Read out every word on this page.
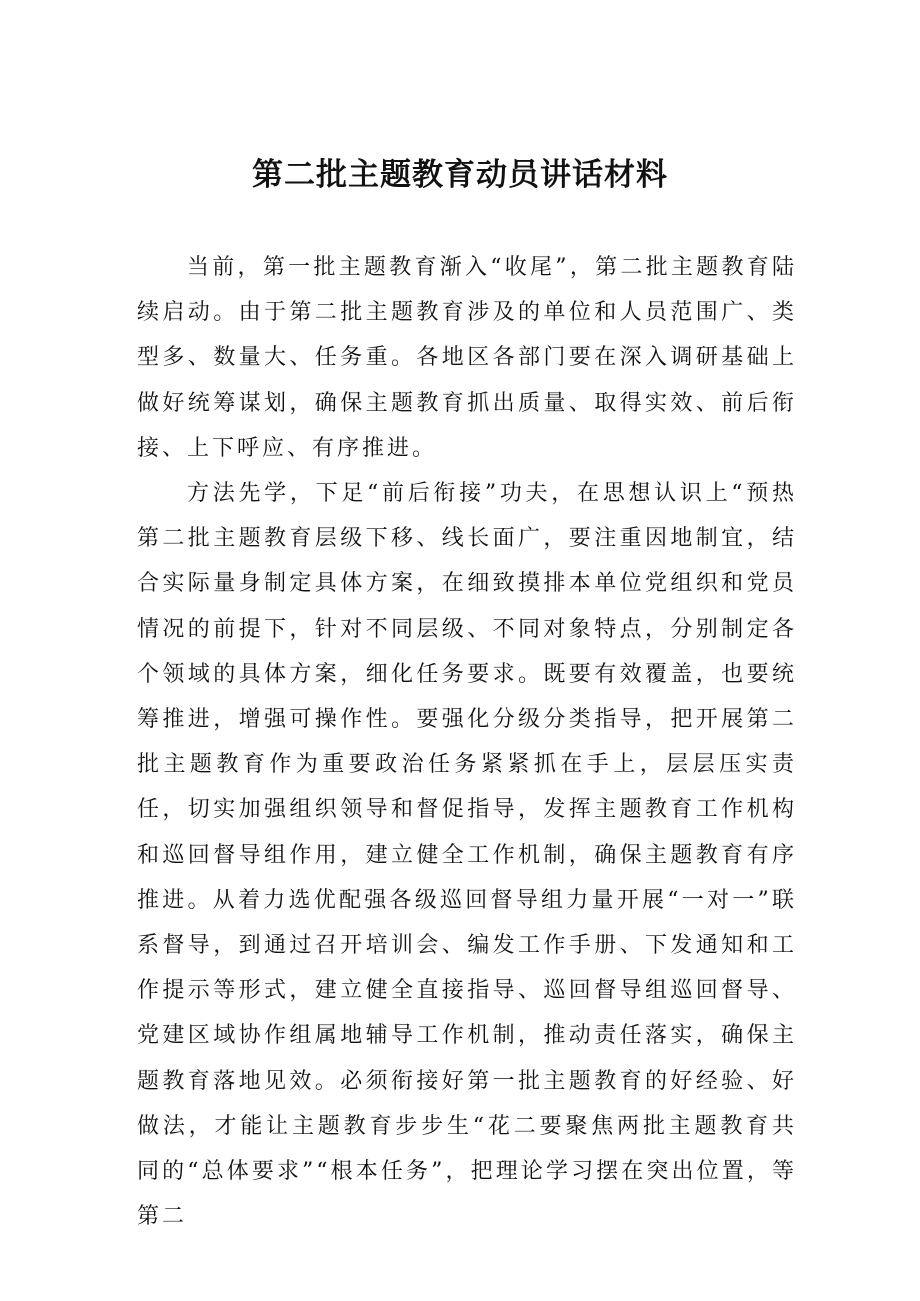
第二批主题教育动员讲话材料

当前，第一批主题教育渐入“收尾”，第二批主题教育陆续启动。由于第二批主题教育涉及的单位和人员范围广、类型多、数量大、任务重。各地区各部门要在深入调研基础上做好统筹谋划，确保主题教育抓出质量、取得实效、前后衔接、上下呼应、有序推进。

方法先学，下足“前后衔接”功夫，在思想认识上“预热第二批主题教育层级下移、线长面广，要注重因地制宜，结合实际量身制定具体方案，在细致摸排本单位党组织和党员情况的前提下，针对不同层级、不同对象特点，分别制定各个领域的具体方案，细化任务要求。既要有效覆盖，也要统筹推进，增强可操作性。要强化分级分类指导，把开展第二批主题教育作为重要政治任务紧紧抓在手上，层层压实责任，切实加强组织领导和督促指导，发挥主题教育工作机构和巡回督导组作用，建立健全工作机制，确保主题教育有序推进。从着力选优配强各级巡回督导组力量开展“一对一”联系督导，到通过召开培训会、编发工作手册、下发通知和工作提示等形式，建立健全直接指导、巡回督导组巡回督导、党建区域协作组属地辅导工作机制，推动责任落实，确保主题教育落地见效。必须衔接好第一批主题教育的好经验、好做法，才能让主题教育步步生“花二要聚焦两批主题教育共同的“总体要求”“根本任务”，把理论学习摆在突出位置，等第二
